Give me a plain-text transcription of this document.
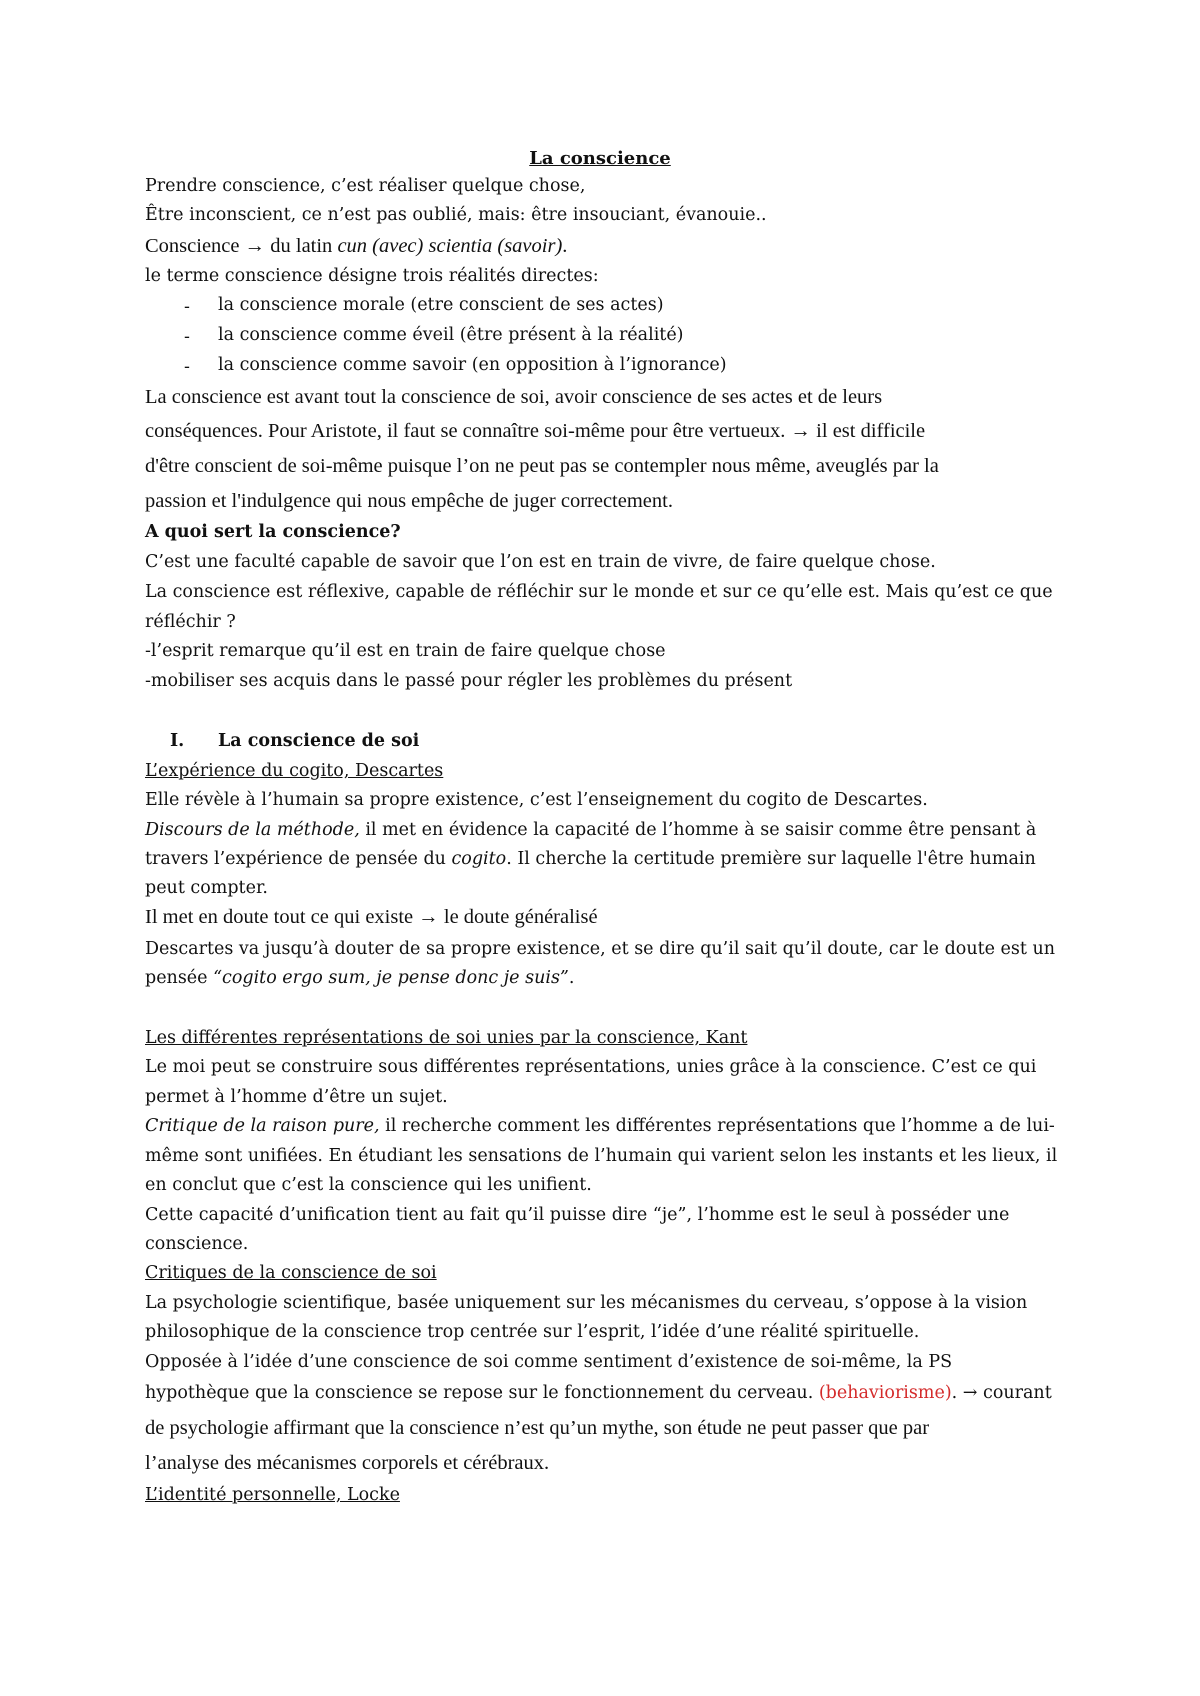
La conscience
Prendre conscience, c’est réaliser quelque chose,
Être inconscient, ce n’est pas oublié, mais: être insouciant, évanouie..
Conscience → du latin cun (avec) scientia (savoir).
le terme conscience désigne trois réalités directes:
- la conscience morale (etre conscient de ses actes)
- la conscience comme éveil (être présent à la réalité)
- la conscience comme savoir (en opposition à l’ignorance)
La conscience est avant tout la conscience de soi, avoir conscience de ses actes et de leurs
conséquences. Pour Aristote, il faut se connaître soi-même pour être vertueux. → il est difficile
d'être conscient de soi-même puisque l’on ne peut pas se contempler nous même, aveuglés par la
passion et l'indulgence qui nous empêche de juger correctement.
A quoi sert la conscience?
C’est une faculté capable de savoir que l’on est en train de vivre, de faire quelque chose.
La conscience est réflexive, capable de réfléchir sur le monde et sur ce qu’elle est. Mais qu’est ce que
réfléchir ?
-l’esprit remarque qu’il est en train de faire quelque chose
-mobiliser ses acquis dans le passé pour régler les problèmes du présent
I. La conscience de soi
L’expérience du cogito, Descartes
Elle révèle à l’humain sa propre existence, c’est l’enseignement du cogito de Descartes.
Discours de la méthode, il met en évidence la capacité de l’homme à se saisir comme être pensant à
travers l’expérience de pensée du cogito. Il cherche la certitude première sur laquelle l'être humain
peut compter.
Il met en doute tout ce qui existe → le doute généralisé
Descartes va jusqu’à douter de sa propre existence, et se dire qu’il sait qu’il doute, car le doute est un
pensée “cogito ergo sum, je pense donc je suis”.
Les différentes représentations de soi unies par la conscience, Kant
Le moi peut se construire sous différentes représentations, unies grâce à la conscience. C’est ce qui
permet à l’homme d’être un sujet.
Critique de la raison pure, il recherche comment les différentes représentations que l’homme a de lui-
même sont unifiées. En étudiant les sensations de l’humain qui varient selon les instants et les lieux, il
en conclut que c’est la conscience qui les unifient.
Cette capacité d’unification tient au fait qu’il puisse dire “je”, l’homme est le seul à posséder une
conscience.
Critiques de la conscience de soi
La psychologie scientifique, basée uniquement sur les mécanismes du cerveau, s’oppose à la vision
philosophique de la conscience trop centrée sur l’esprit, l’idée d’une réalité spirituelle.
Opposée à l’idée d’une conscience de soi comme sentiment d’existence de soi-même, la PS
hypothèque que la conscience se repose sur le fonctionnement du cerveau. (behaviorisme). → courant
de psychologie affirmant que la conscience n’est qu’un mythe, son étude ne peut passer que par
l’analyse des mécanismes corporels et cérébraux.
L’identité personnelle, Locke
